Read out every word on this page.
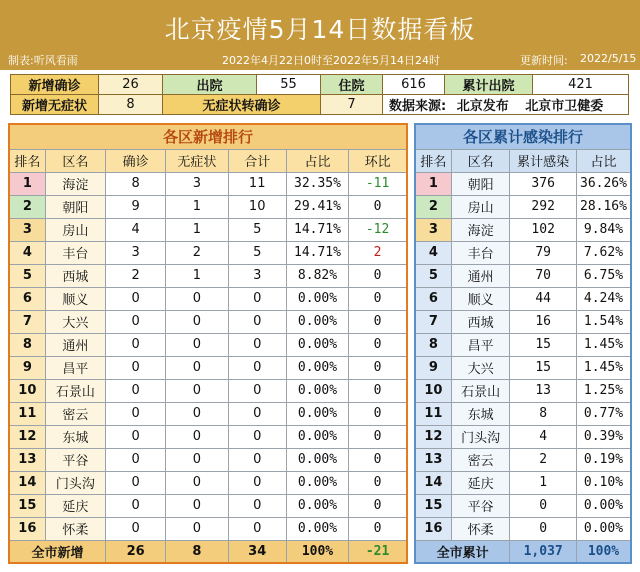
北京疫情5月14日数据看板
制表:听风看雨	2022年4月22日0时至2022年5月14日24时	更新时间: 2022/5/15
新增确诊	26	出院	55	住院	616	累计出院	421
新增无症状	8	无症状转确诊		7	数据来源: 北京发布 北京市卫健委		
各区新增排行						
排名	区名	确诊	无症状	合计	占比	环比
1	海淀	8	3	11	32.35%	-11
2	朝阳	9	1	10	29.41%	0
3	房山	4	1	5	14.71%	-12
4	丰台	3	2	5	14.71%	2
5	西城	2	1	3	8.82%	0
6	顺义	0	0	0	0.00%	0
7	大兴	0	0	0	0.00%	0
8	通州	0	0	0	0.00%	0
9	昌平	0	0	0	0.00%	0
10	石景山	0	0	0	0.00%	0
11	密云	0	0	0	0.00%	0
12	东城	0	0	0	0.00%	0
13	平谷	0	0	0	0.00%	0
14	门头沟	0	0	0	0.00%	0
15	延庆	0	0	0	0.00%	0
16	怀柔	0	0	0	0.00%	0
全市新增		26	8	34	100%	-21
各区累计感染排行			
排名	区名	累计感染	占比
1	朝阳	376	36.26%
2	房山	292	28.16%
3	海淀	102	9.84%
4	丰台	79	7.62%
5	通州	70	6.75%
6	顺义	44	4.24%
7	西城	16	1.54%
8	昌平	15	1.45%
9	大兴	15	1.45%
10	石景山	13	1.25%
11	东城	8	0.77%
12	门头沟	4	0.39%
13	密云	2	0.19%
14	延庆	1	0.10%
15	平谷	0	0.00%
16	怀柔	0	0.00%
全市累计		1,037	100%
